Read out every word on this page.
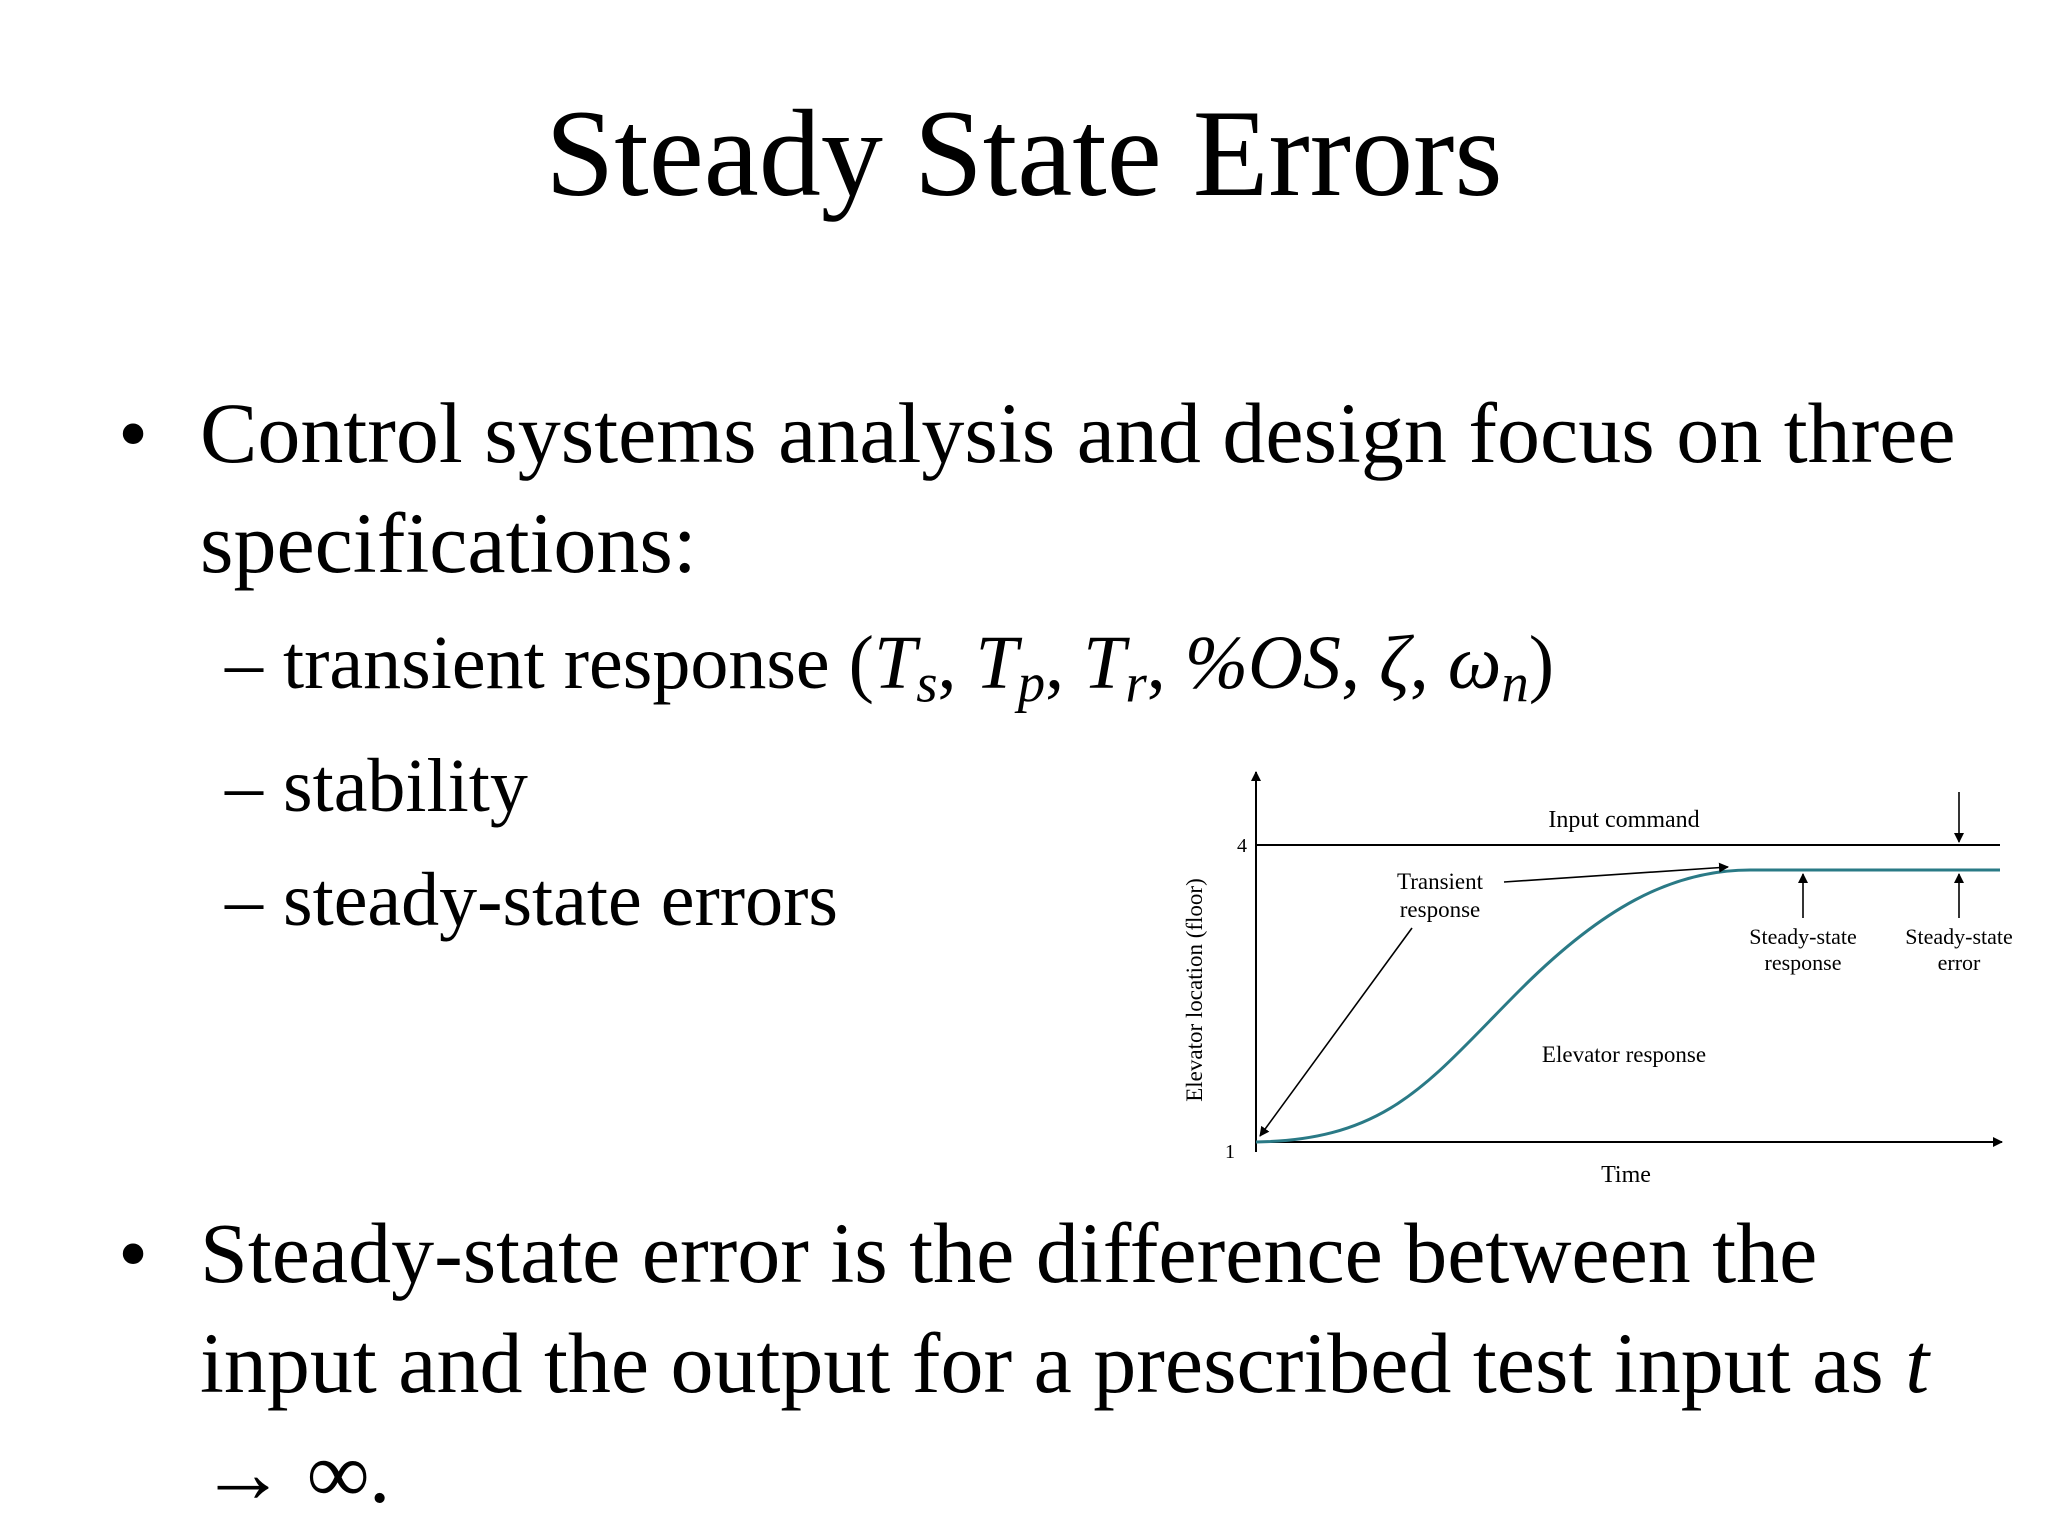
Steady State Errors
• Control systems analysis and design focus on three specifications:
– transient response ($T_s$, $T_p$, $T_r$, %OS, ζ, $\omega_n$)
– stability
– steady-state errors	Elevator location (floor)
Time
4
1
Input command
Elevator response
Transient
response
Steady-state
response
Steady-state
error
• Steady-state error is the difference between the input and the output for a prescribed test input as t → ∞.
